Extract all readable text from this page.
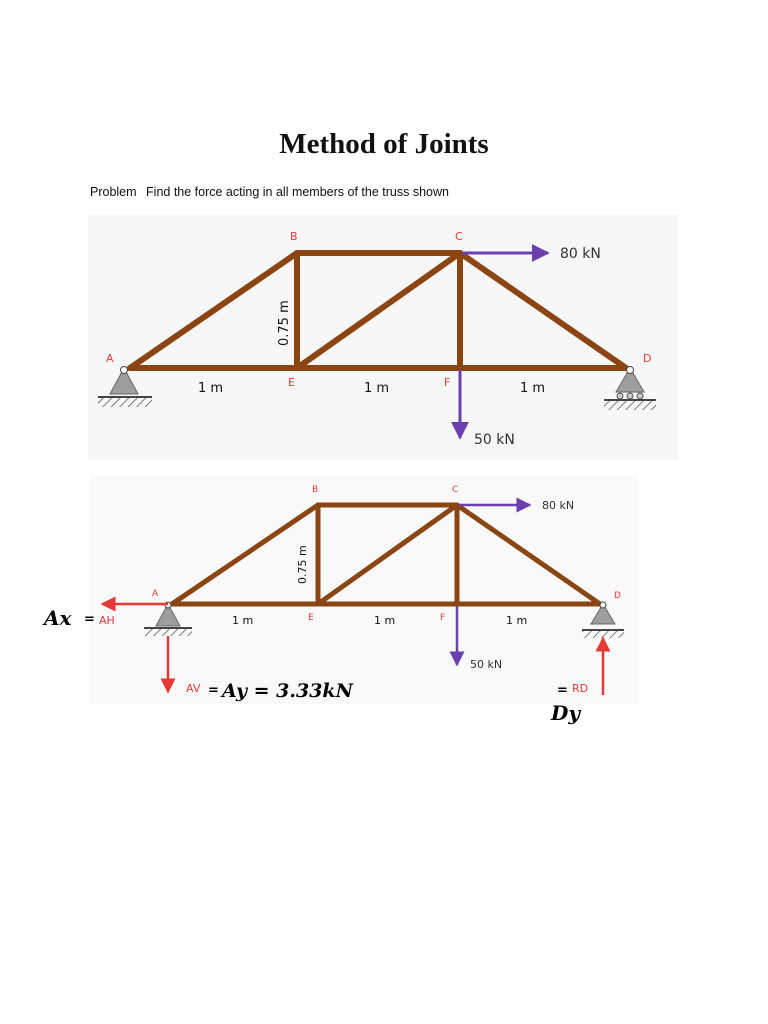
Method of Joints
Problem Find the force acting in all members of the truss shown
A
B	C
D
E	F
0.75 m
1 m	1 m	1 m
80 kN
50 kN
A
B	C
D
E	F
0.75 m
1 m	1 m	1 m
80 kN
50 kN
AH
AV	RD
Ax =
= Ay = 3.33kN	=
Dy
